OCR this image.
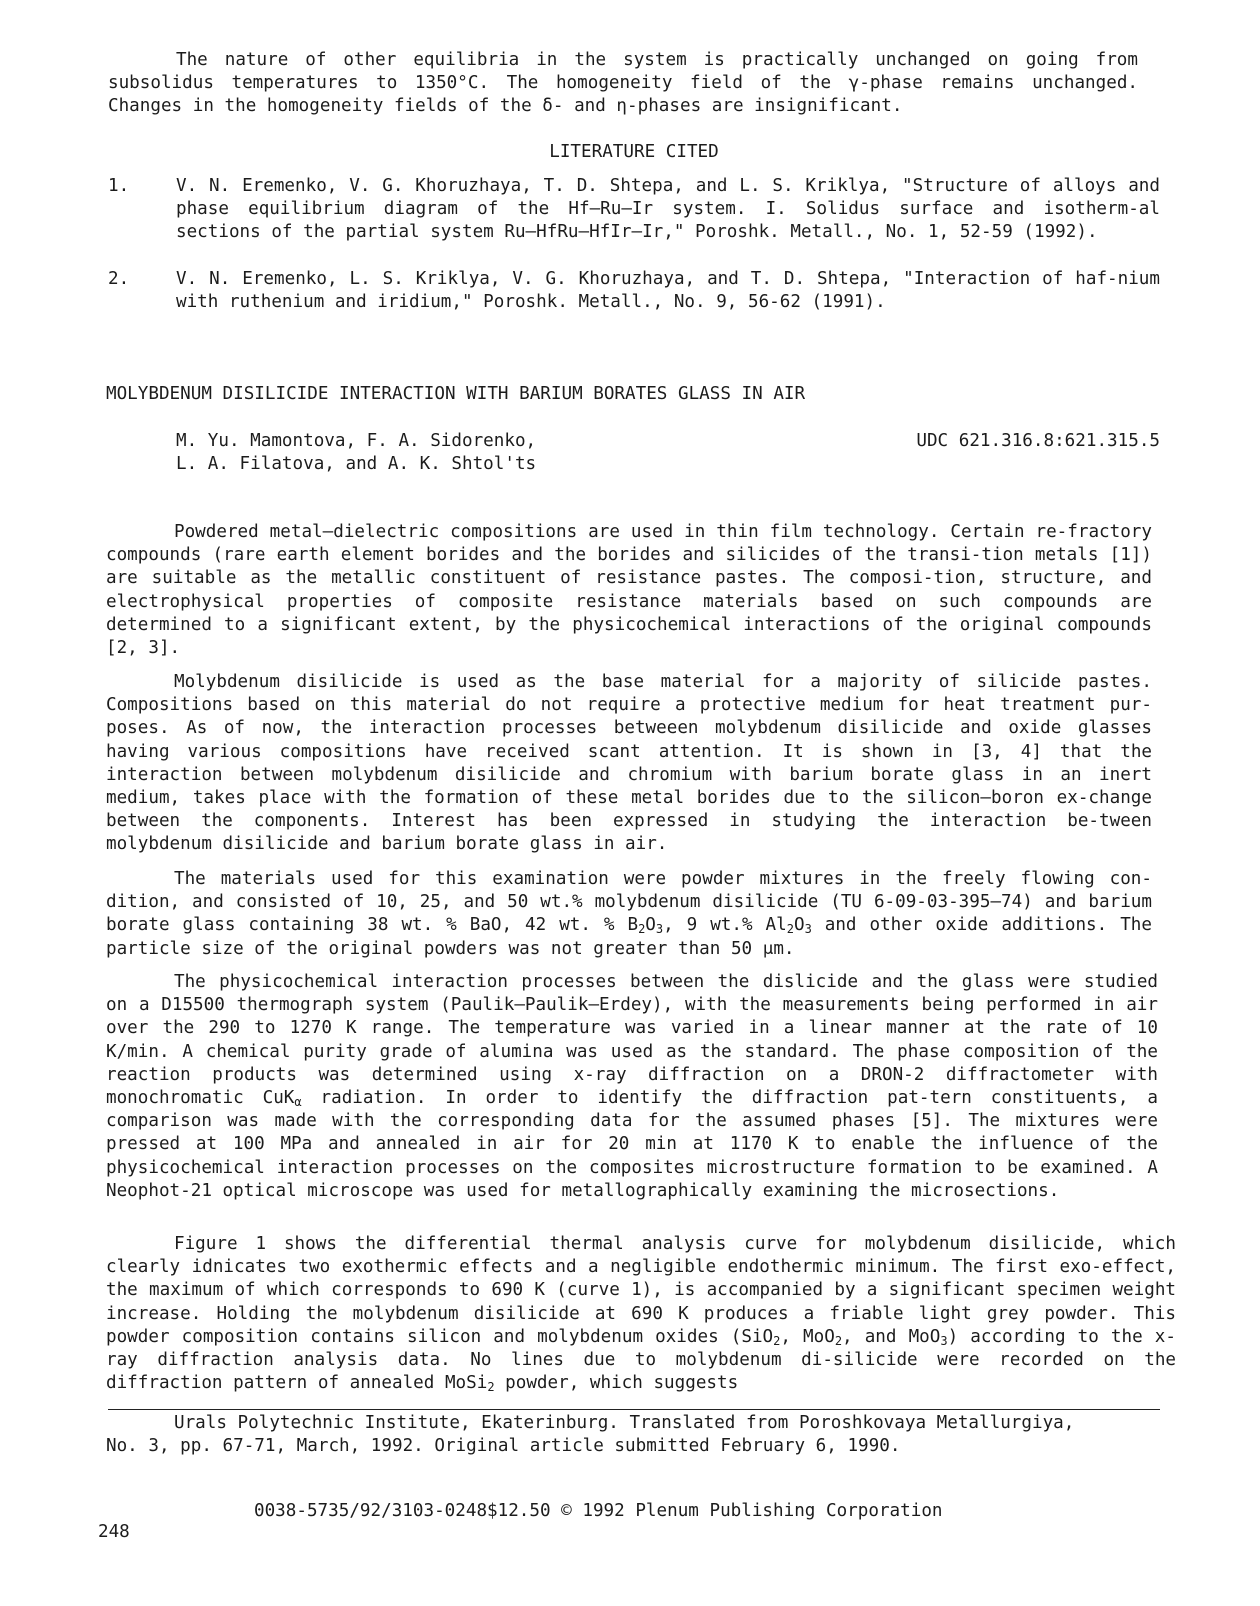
The nature of other equilibria in the system is practically unchanged on going from subsolidus temperatures to 1350°C. The homogeneity field of the γ-phase remains unchanged. Changes in the homogeneity fields of the δ- and η-phases are insignificant.

LITERATURE CITED
1.	V. N. Eremenko, V. G. Khoruzhaya, T. D. Shtepa, and L. S. Kriklya, "Structure of alloys and phase equilibrium diagram of the Hf—Ru—Ir system. I. Solidus surface and isotherm-al sections of the partial system Ru—HfRu—HfIr—Ir," Poroshk. Metall., No. 1, 52-59 (1992).
2.	V. N. Eremenko, L. S. Kriklya, V. G. Khoruzhaya, and T. D. Shtepa, "Interaction of haf-nium with ruthenium and iridium," Poroshk. Metall., No. 9, 56-62 (1991).
MOLYBDENUM DISILICIDE INTERACTION WITH BARIUM BORATES GLASS IN AIR
M. Yu. Mamontova, F. A. Sidorenko,
L. A. Filatova, and A. K. Shtol'ts
UDC 621.316.8:621.315.5

Powdered metal—dielectric compositions are used in thin film technology. Certain re-fractory compounds (rare earth element borides and the borides and silicides of the transi-tion metals [1]) are suitable as the metallic constituent of resistance pastes. The composi-tion, structure, and electrophysical properties of composite resistance materials based on such compounds are determined to a significant extent, by the physicochemical interactions of the original compounds [2, 3].

Molybdenum disilicide is used as the base material for a majority of silicide pastes. Compositions based on this material do not require a protective medium for heat treatment pur-poses. As of now, the interaction processes betweeen molybdenum disilicide and oxide glasses having various compositions have received scant attention. It is shown in [3, 4] that the interaction between molybdenum disilicide and chromium with barium borate glass in an inert medium, takes place with the formation of these metal borides due to the silicon—boron ex-change between the components. Interest has been expressed in studying the interaction be-tween molybdenum disilicide and barium borate glass in air.

The materials used for this examination were powder mixtures in the freely flowing con-dition, and consisted of 10, 25, and 50 wt.% molybdenum disilicide (TU 6-09-03-395—74) and barium borate glass containing 38 wt. % BaO, 42 wt. % $B_2O_3$, 9 wt.% $Al_2O_3$ and other oxide additions. The particle size of the original powders was not greater than 50 μm.

The physicochemical interaction processes between the dislicide and the glass were studied on a D15500 thermograph system (Paulik—Paulik—Erdey), with the measurements being performed in air over the 290 to 1270 K range. The temperature was varied in a linear manner at the rate of 10 K/min. A chemical purity grade of alumina was used as the standard. The phase composition of the reaction products was determined using x-ray diffraction on a DRON-2 diffractometer with monochromatic CuK$_\alpha$ radiation. In order to identify the diffraction pat-tern constituents, a comparison was made with the corresponding data for the assumed phases [5]. The mixtures were pressed at 100 MPa and annealed in air for 20 min at 1170 K to enable the influence of the physicochemical interaction processes on the composites microstructure formation to be examined. A Neophot-21 optical microscope was used for metallographically examining the microsections.

Figure 1 shows the differential thermal analysis curve for molybdenum disilicide, which clearly idnicates two exothermic effects and a negligible endothermic minimum. The first exo-effect, the maximum of which corresponds to 690 K (curve 1), is accompanied by a significant specimen weight increase. Holding the molybdenum disilicide at 690 K produces a friable light grey powder. This powder composition contains silicon and molybdenum oxides (SiO$_2$, MoO$_2$, and MoO$_3$) according to the x-ray diffraction analysis data. No lines due to molybdenum di-silicide were recorded on the diffraction pattern of annealed MoSi$_2$ powder, which suggests

Urals Polytechnic Institute, Ekaterinburg. Translated from Poroshkovaya Metallurgiya,
No. 3, pp. 67-71, March, 1992. Original article submitted February 6, 1990.
248
0038-5735/92/3103-0248$12.50 © 1992 Plenum Publishing Corporation
